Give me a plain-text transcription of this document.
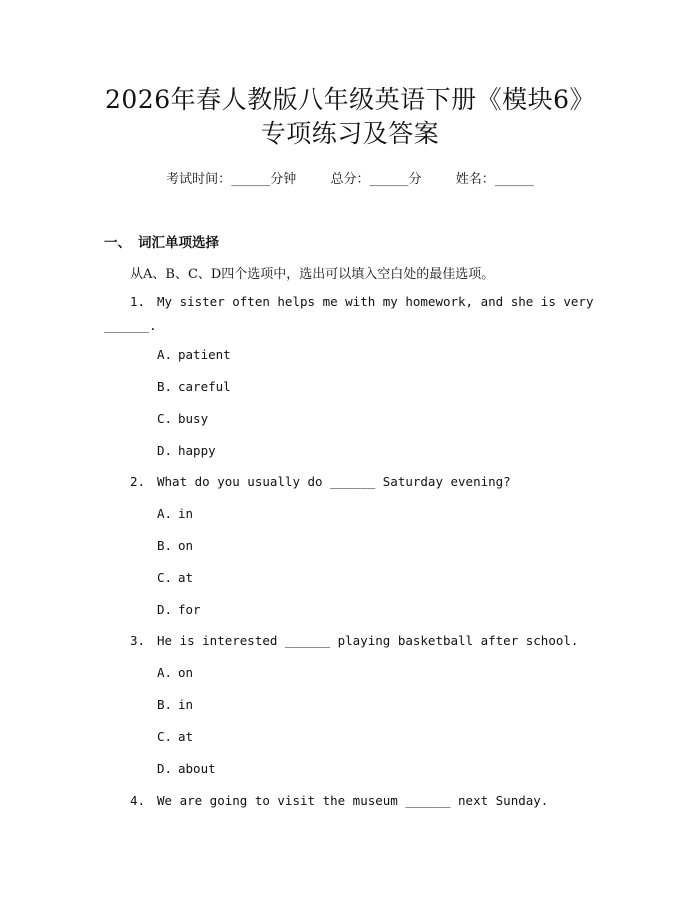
2026年春人教版八年级英语下册《模块6》
专项练习及答案
考试时间：______分钟	总分：______分	姓名：______
一、 词汇单项选择
从A、B、C、D四个选项中，选出可以填入空白处的最佳选项。
1. My sister often helps me with my homework, and she is very
______.
A. patient
B. careful
C. busy
D. happy
2. What do you usually do ______ Saturday evening?
A. in
B. on
C. at
D. for
3. He is interested ______ playing basketball after school.
A. on
B. in
C. at
D. about
4. We are going to visit the museum ______ next Sunday.
